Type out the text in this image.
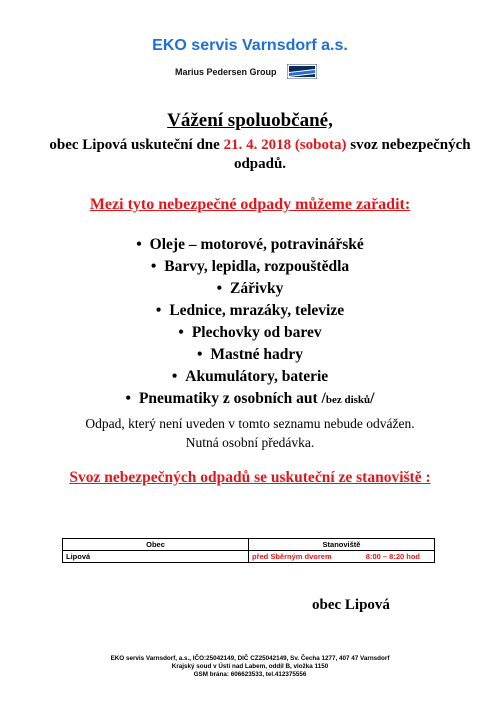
EKO servis Varnsdorf a.s.
Marius Pedersen Group
Vážení spoluobčané,
obec Lipová uskuteční dne 21. 4. 2018 (sobota) svoz nebezpečných odpadů.
Mezi tyto nebezpečné odpady můžeme zařadit:
• Oleje – motorové, potravinářské
• Barvy, lepidla, rozpouštědla
• Zářivky
• Lednice, mrazáky, televize
• Plechovky od barev
• Mastné hadry
• Akumulátory, baterie
• Pneumatiky z osobních aut /bez disků/
Odpad, který není uveden v tomto seznamu nebude odvážen.
Nutná osobní předávka.
Svoz nebezpečných odpadů se uskuteční ze stanoviště :
Obec	Stanoviště
Lipová		před Sběrným dvorem	8:00 – 8:20 hod
obec Lipová
EKO servis Varnsdorf, a.s., IČO:25042149, DIČ CZ25042149, Sv. Čecha 1277, 407 47 Varnsdorf
Krajský soud v Ústí nad Labem, oddíl B, vložka 1150
GSM brána: 606623533, tel.412375556
